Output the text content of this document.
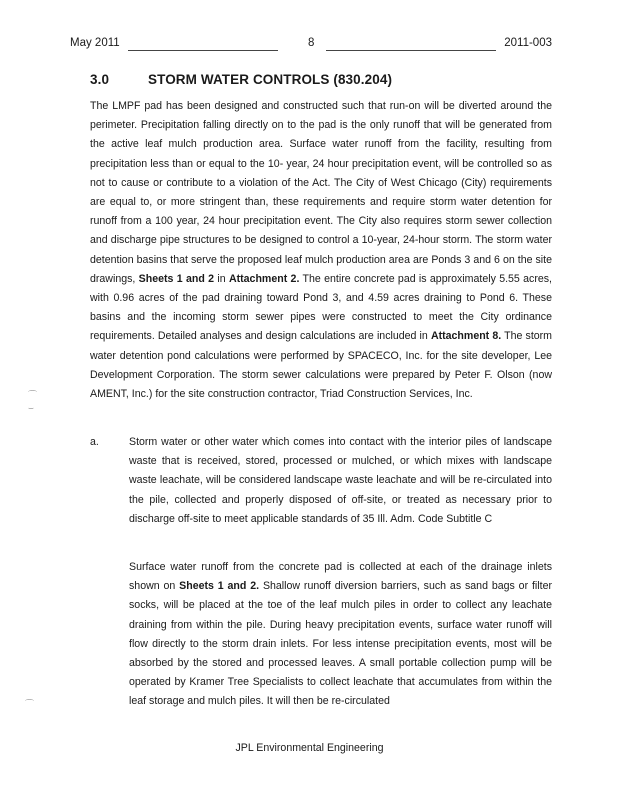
May 2011	8	2011-003
3.0	STORM WATER CONTROLS (830.204)

The LMPF pad has been designed and constructed such that run-on will be diverted around the perimeter. Precipitation falling directly on to the pad is the only runoff that will be generated from the active leaf mulch production area. Surface water runoff from the facility, resulting from precipitation less than or equal to the 10- year, 24 hour precipitation event, will be controlled so as not to cause or contribute to a violation of the Act. The City of West Chicago (City) requirements are equal to, or more stringent than, these requirements and require storm water detention for runoff from a 100 year, 24 hour precipitation event. The City also requires storm sewer collection and discharge pipe structures to be designed to control a 10-year, 24-hour storm. The storm water detention basins that serve the proposed leaf mulch production area are Ponds 3 and 6 on the site drawings, Sheets 1 and 2 in Attachment 2. The entire concrete pad is approximately 5.55 acres, with 0.96 acres of the pad draining toward Pond 3, and 4.59 acres draining to Pond 6. These basins and the incoming storm sewer pipes were constructed to meet the City ordinance requirements. Detailed analyses and design calculations are included in Attachment 8. The storm water detention pond calculations were performed by SPACECO, Inc. for the site developer, Lee Development Corporation. The storm sewer calculations were prepared by Peter F. Olson (now AMENT, Inc.) for the site construction contractor, Triad Construction Services, Inc.

a.	Storm water or other water which comes into contact with the interior piles of landscape waste that is received, stored, processed or mulched, or which mixes with landscape waste leachate, will be considered landscape waste leachate and will be re-circulated into the pile, collected and properly disposed of off-site, or treated as necessary prior to discharge off-site to meet applicable standards of 35 Ill. Adm. Code Subtitle C

Surface water runoff from the concrete pad is collected at each of the drainage inlets shown on Sheets 1 and 2. Shallow runoff diversion barriers, such as sand bags or filter socks, will be placed at the toe of the leaf mulch piles in order to collect any leachate draining from within the pile. During heavy precipitation events, surface water runoff will flow directly to the storm drain inlets. For less intense precipitation events, most will be absorbed by the stored and processed leaves. A small portable collection pump will be operated by Kramer Tree Specialists to collect leachate that accumulates from within the leaf storage and mulch piles. It will then be re-circulated

JPL Environmental Engineering
⌒
⌣
⌒
